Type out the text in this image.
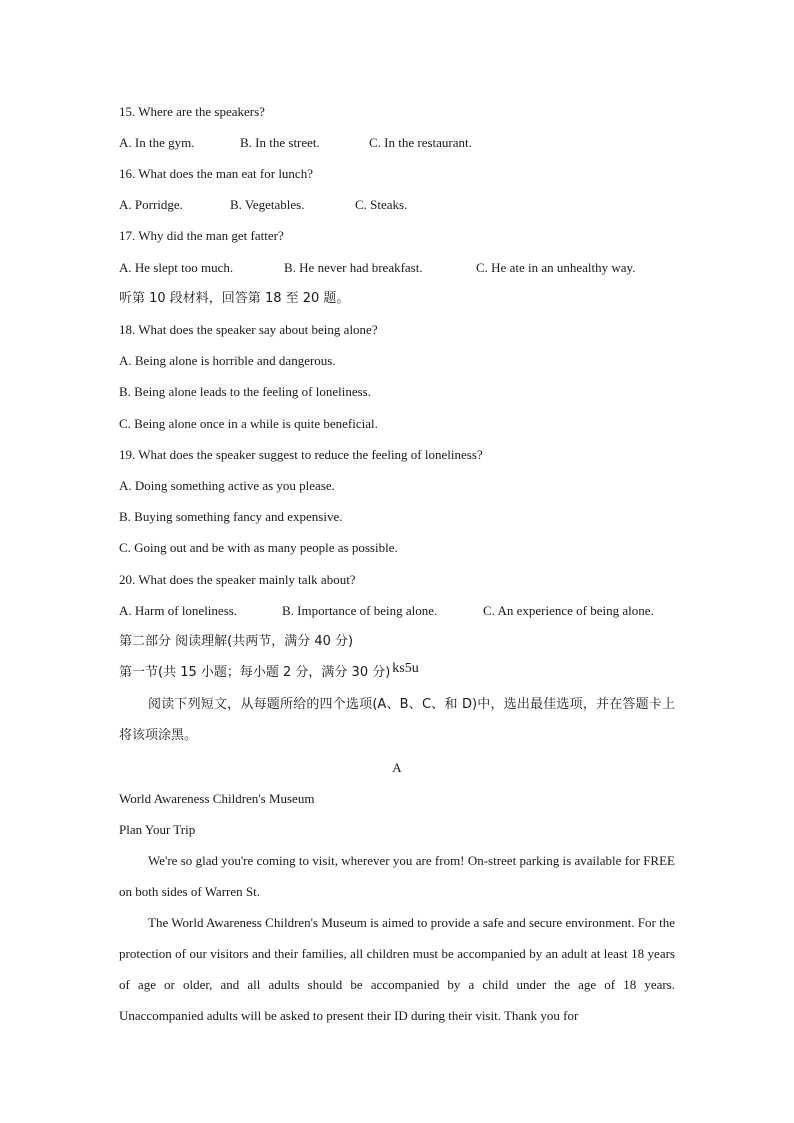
15. Where are the speakers?
A. In the gym.	B. In the street.	C. In the restaurant.
16. What does the man eat for lunch?
A. Porridge.	B. Vegetables.	C. Steaks.
17. Why did the man get fatter?
A. He slept too much.	B. He never had breakfast.	C. He ate in an unhealthy way.
听第 10 段材料，回答第 18 至 20 题。
18. What does the speaker say about being alone?
A. Being alone is horrible and dangerous.
B. Being alone leads to the feeling of loneliness.
C. Being alone once in a while is quite beneficial.
19. What does the speaker suggest to reduce the feeling of loneliness?
A. Doing something active as you please.
B. Buying something fancy and expensive.
C. Going out and be with as many people as possible.
20. What does the speaker mainly talk about?
A. Harm of loneliness.	B. Importance of being alone.	C. An experience of being alone.
第二部分 阅读理解(共两节，满分 40 分)
第一节(共 15 小题；每小题 2 分，满分 30 分) ks5u
阅读下列短文，从每题所给的四个选项(A、B、C、和 D)中，选出最佳选项，并在答题卡上将该项涂黑。
A
World Awareness Children's Museum
Plan Your Trip
We're so glad you're coming to visit, wherever you are from! On-street parking is available for FREE on both sides of Warren St.
The World Awareness Children's Museum is aimed to provide a safe and secure environment. For the protection of our visitors and their families, all children must be accompanied by an adult at least 18 years of age or older, and all adults should be accompanied by a child under the age of 18 years. Unaccompanied adults will be asked to present their ID during their visit. Thank you for
